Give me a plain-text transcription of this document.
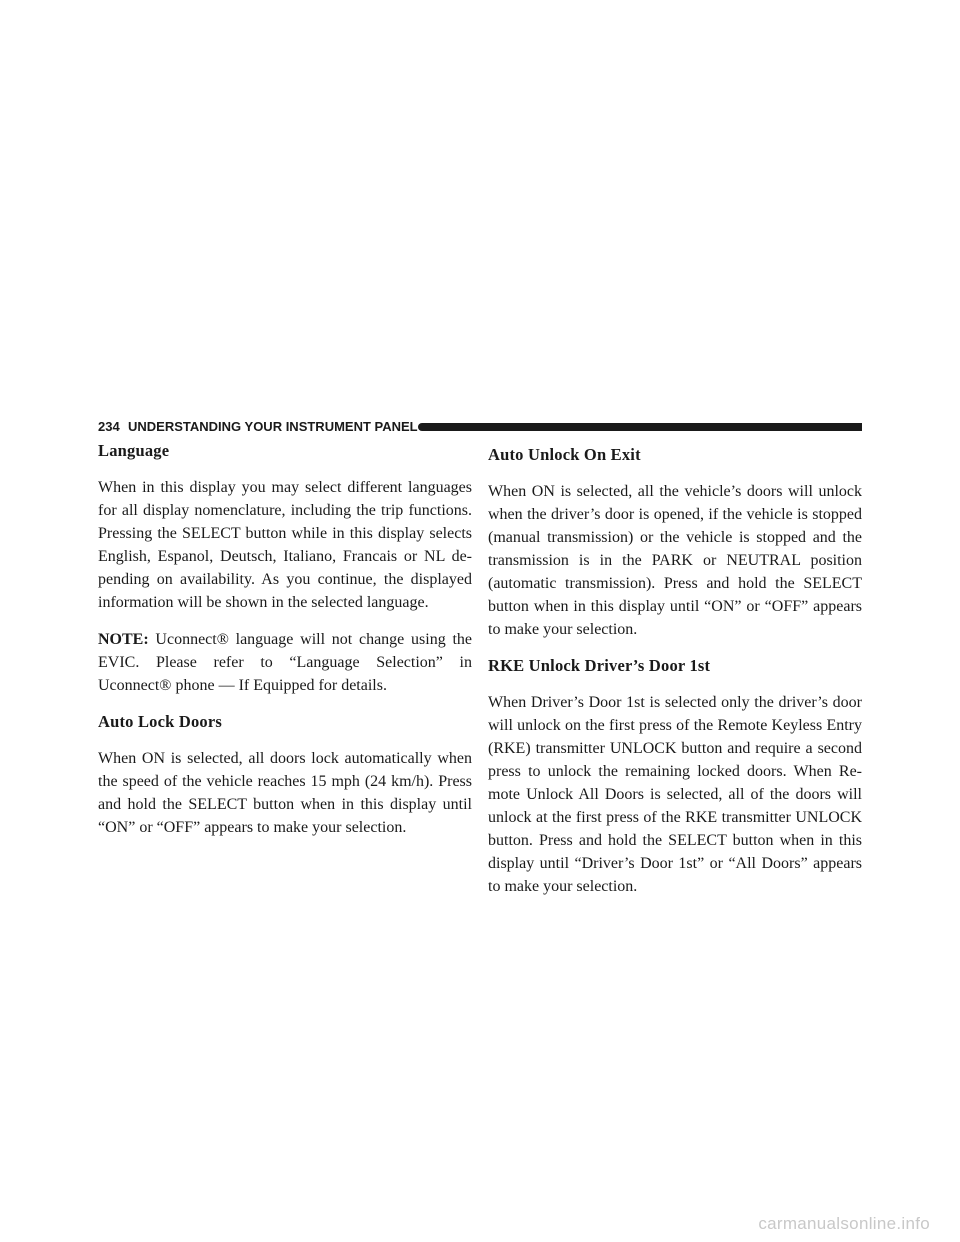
234 UNDERSTANDING YOUR INSTRUMENT PANEL
Language

When in this display you may select different languages for all display nomenclature, including the trip functions. Pressing the SELECT button while in this display selects English, Espanol, Deutsch, Italiano, Francais or NL de-pending on availability. As you continue, the displayed information will be shown in the selected language.

NOTE: Uconnect® language will not change using the EVIC. Please refer to “Language Selection” in Uconnect® phone — If Equipped for details.

Auto Lock Doors

When ON is selected, all doors lock automatically when the speed of the vehicle reaches 15 mph (24 km/h). Press and hold the SELECT button when in this display until “ON” or “OFF” appears to make your selection.

Auto Unlock On Exit

When ON is selected, all the vehicle’s doors will unlock when the driver’s door is opened, if the vehicle is stopped (manual transmission) or the vehicle is stopped and the transmission is in the PARK or NEUTRAL position (automatic transmission). Press and hold the SELECT button when in this display until “ON” or “OFF” appears to make your selection.

RKE Unlock Driver’s Door 1st

When Driver’s Door 1st is selected only the driver’s door will unlock on the first press of the Remote Keyless Entry (RKE) transmitter UNLOCK button and require a second press to unlock the remaining locked doors. When Re-mote Unlock All Doors is selected, all of the doors will unlock at the first press of the RKE transmitter UNLOCK button. Press and hold the SELECT button when in this display until “Driver’s Door 1st” or “All Doors” appears to make your selection.

carmanualsonline.info
